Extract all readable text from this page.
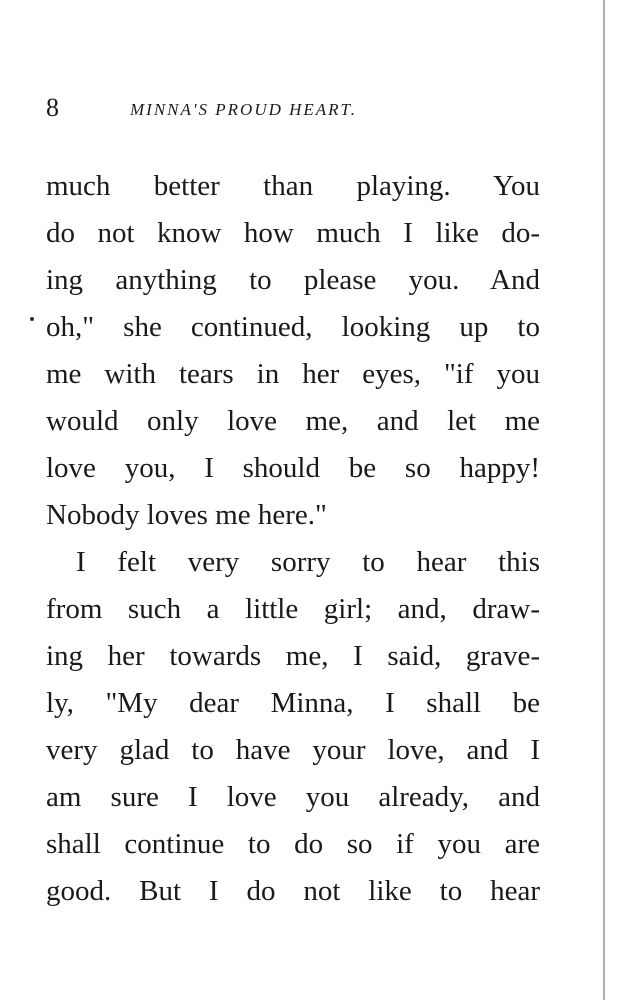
8	MINNA'S PROUD HEART.
much better than playing. You
do not know how much I like do-
ing anything to please you. And
oh," she continued, looking up to
me with tears in her eyes, "if you
would only love me, and let me
love you, I should be so happy!
Nobody loves me here."
I felt very sorry to hear this
from such a little girl; and, draw-
ing her towards me, I said, grave-
ly, "My dear Minna, I shall be
very glad to have your love, and I
am sure I love you already, and
shall continue to do so if you are
good. But I do not like to hear
